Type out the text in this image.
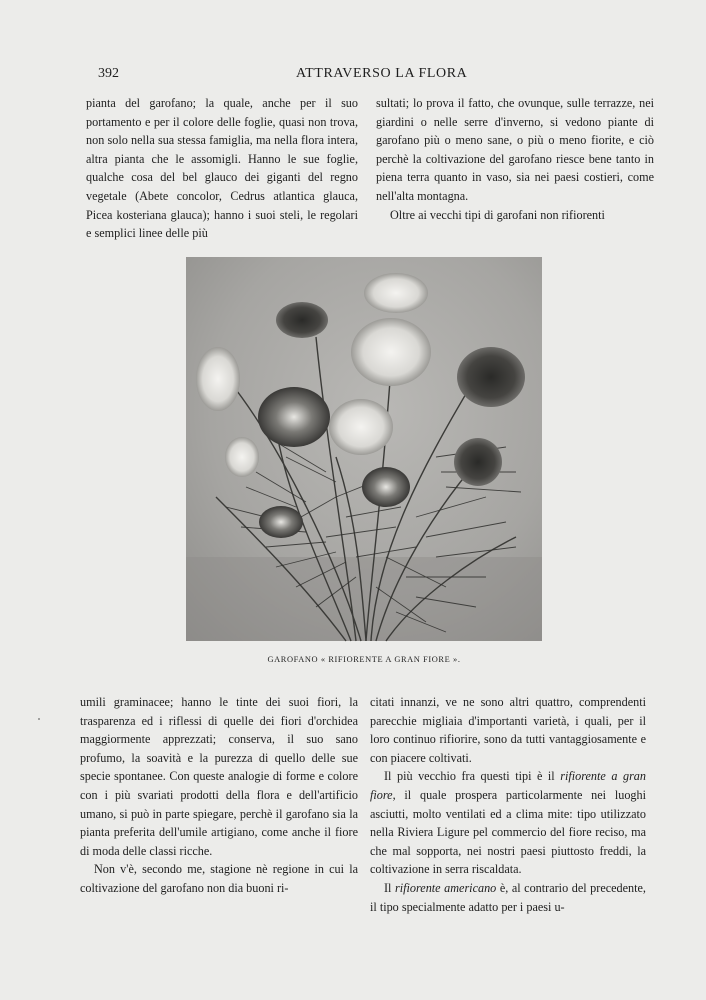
392	ATTRAVERSO LA FLORA

pianta del garofano; la quale, anche per il suo portamento e per il colore delle foglie, quasi non trova, non solo nella sua stessa famiglia, ma nella flora intera, altra pianta che le assomigli. Hanno le sue foglie, qualche cosa del bel glauco dei giganti del regno vegetale (Abete concolor, Cedrus atlantica glauca, Picea kosteriana glauca); hanno i suoi steli, le regolari e semplici linee delle più

sultati; lo prova il fatto, che ovunque, sulle terrazze, nei giardini o nelle serre d'inverno, si vedono piante di garofano più o meno sane, o più o meno fiorite, e ciò perchè la coltivazione del garofano riesce bene tanto in piena terra quanto in vaso, sia nei paesi costieri, come nell'alta montagna.

Oltre ai vecchi tipi di garofani non rifiorenti

GAROFANO « RIFIORENTE A GRAN FIORE ».

umili graminacee; hanno le tinte dei suoi fiori, la trasparenza ed i riflessi di quelle dei fiori d'orchidea maggiormente apprezzati; conserva, il suo sano profumo, la soavità e la purezza di quello delle sue specie spontanee. Con queste analogie di forme e colore con i più svariati prodotti della flora e dell'artificio umano, si può in parte spiegare, perchè il garofano sia la pianta preferita dell'umile artigiano, come anche il fiore di moda delle classi ricche.

Non v'è, secondo me, stagione nè regione in cui la coltivazione del garofano non dia buoni ri-

citati innanzi, ve ne sono altri quattro, comprendenti parecchie migliaia d'importanti varietà, i quali, per il loro continuo rifiorire, sono da tutti vantaggiosamente e con piacere coltivati.

Il più vecchio fra questi tipi è il rifiorente a gran fiore, il quale prospera particolarmente nei luoghi asciutti, molto ventilati ed a clima mite: tipo utilizzato nella Riviera Ligure pel commercio del fiore reciso, ma che mal sopporta, nei nostri paesi piuttosto freddi, la coltivazione in serra riscaldata.

Il rifiorente americano è, al contrario del precedente, il tipo specialmente adatto per i paesi u-
